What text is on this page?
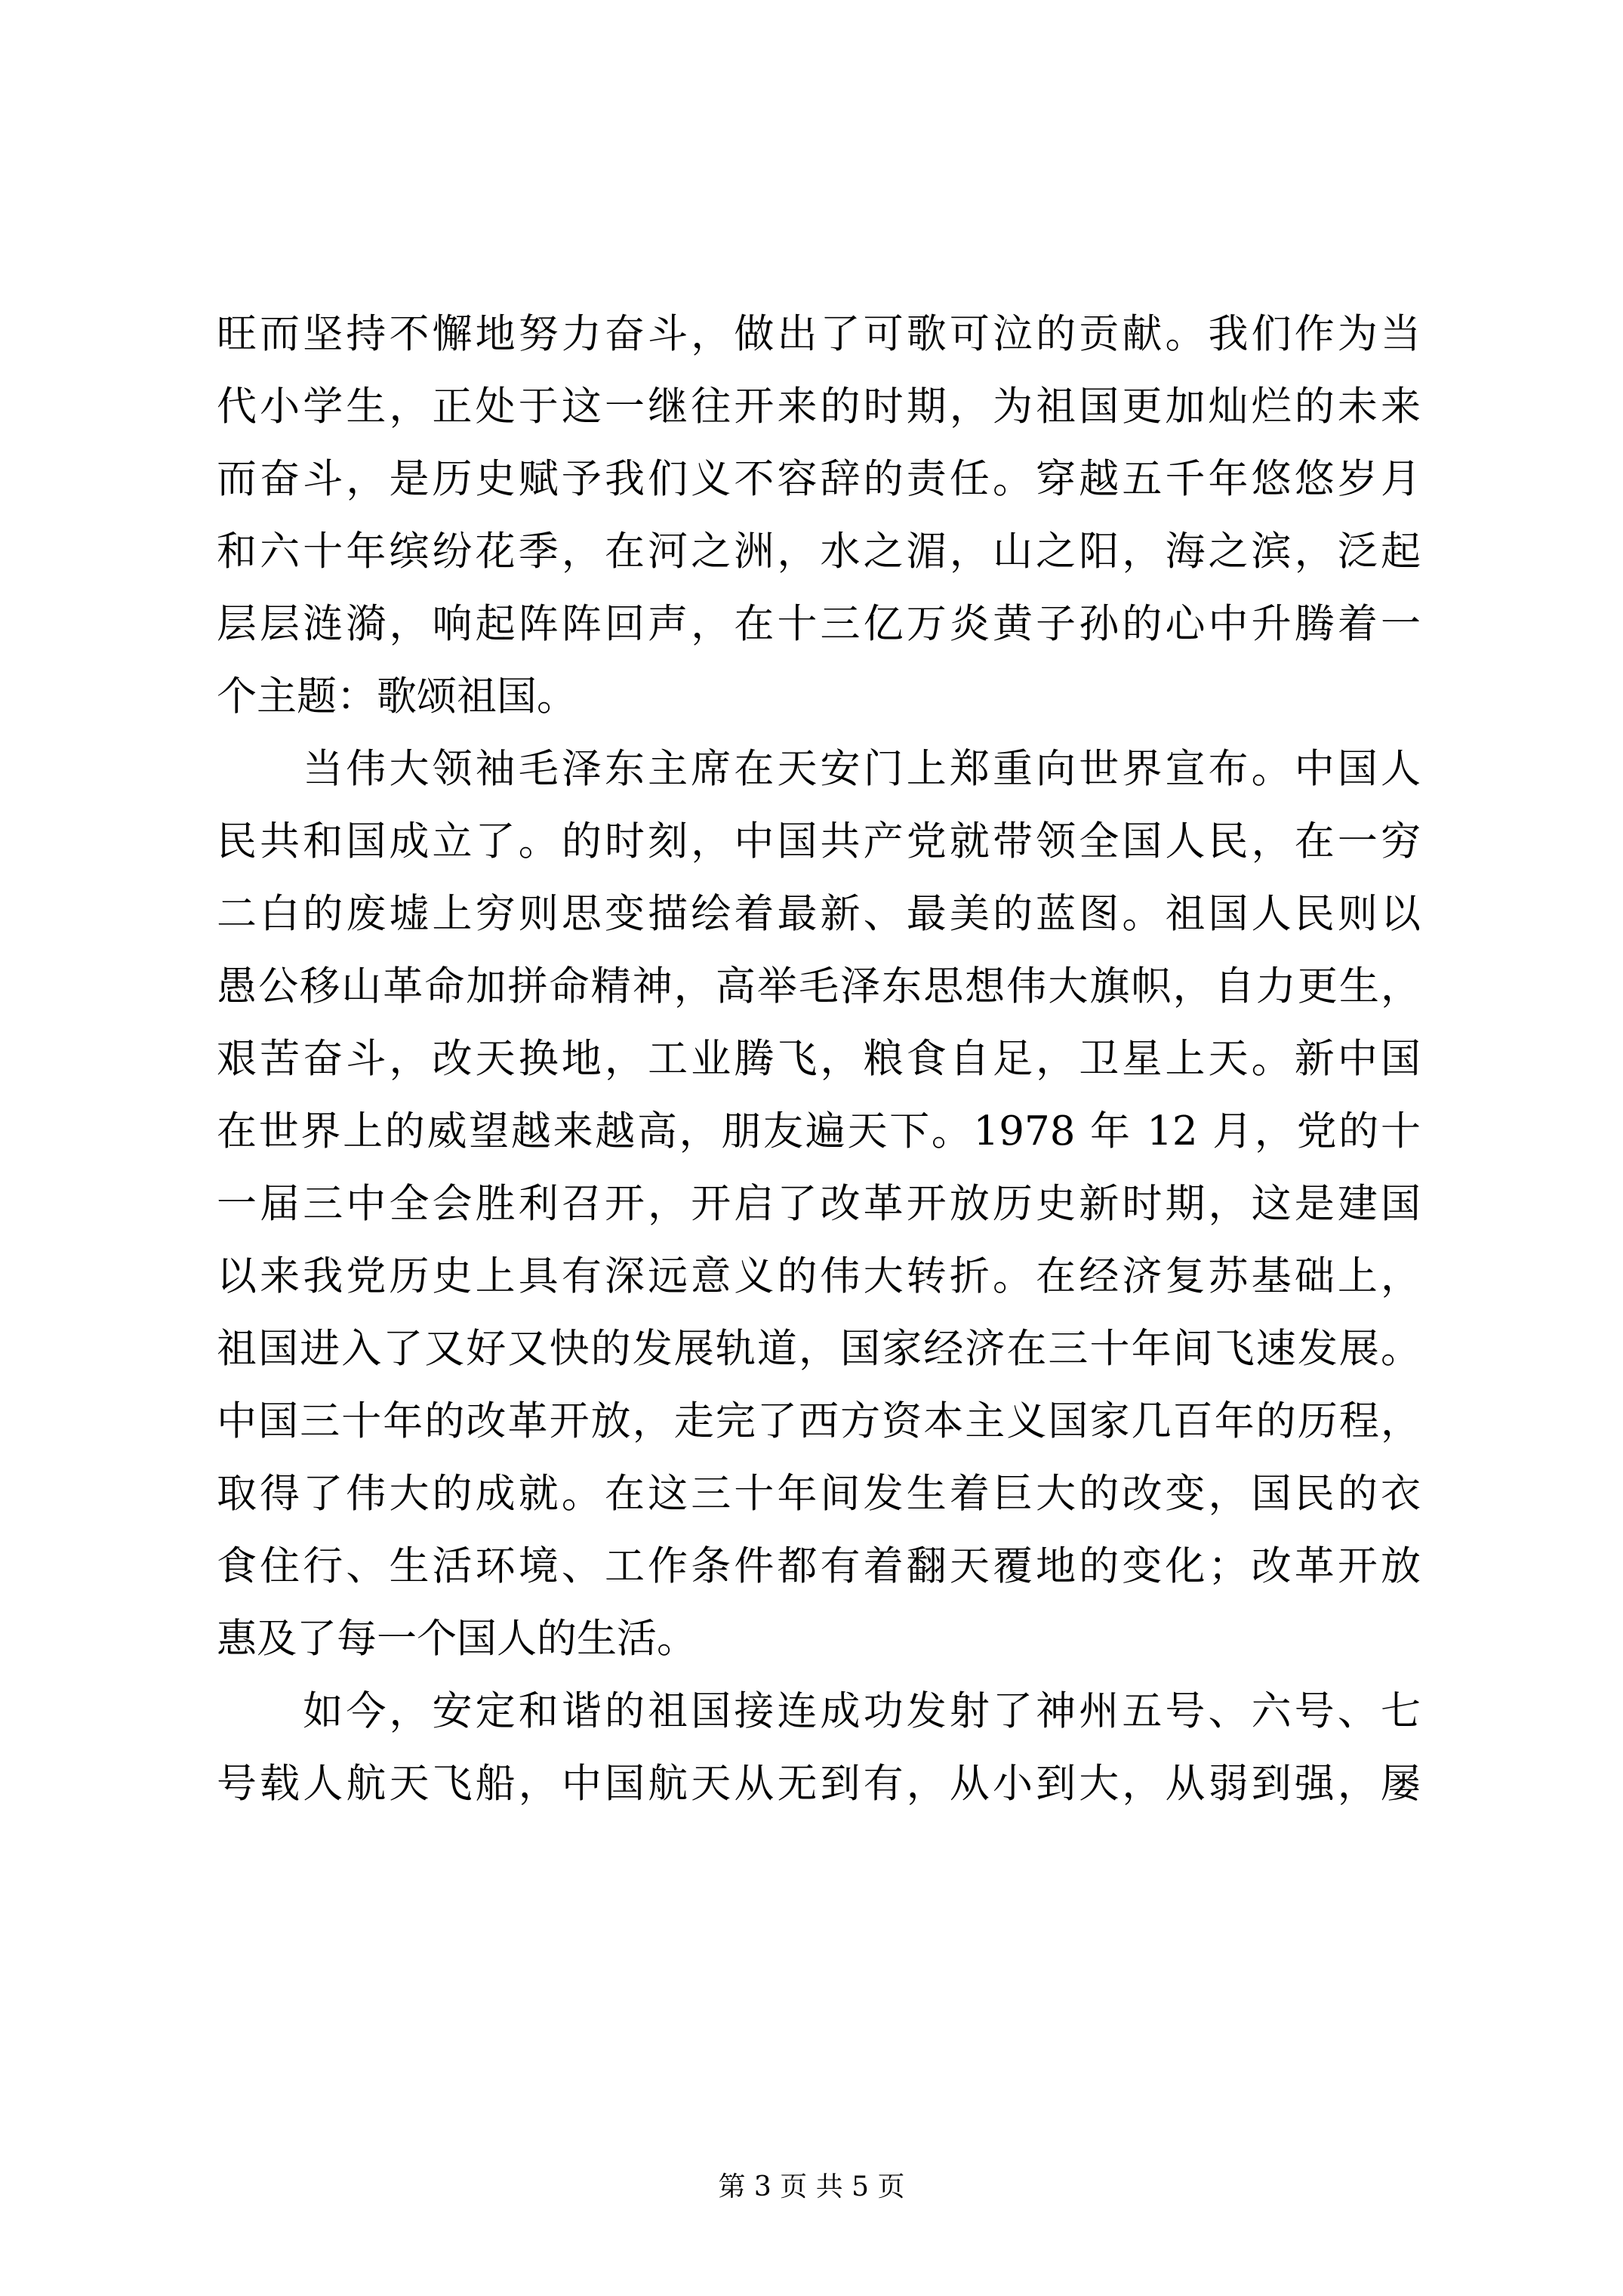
旺而坚持不懈地努力奋斗，做出了可歌可泣的贡献。我们作为当
代小学生，正处于这一继往开来的时期，为祖国更加灿烂的未来
而奋斗，是历史赋予我们义不容辞的责任。穿越五千年悠悠岁月
和六十年缤纷花季，在河之洲，水之湄，山之阳，海之滨，泛起
层层涟漪，响起阵阵回声，在十三亿万炎黄子孙的心中升腾着一
个主题：歌颂祖国。
　　当伟大领袖毛泽东主席在天安门上郑重向世界宣布。中国人
民共和国成立了。的时刻，中国共产党就带领全国人民，在一穷
二白的废墟上穷则思变描绘着最新、最美的蓝图。祖国人民则以
愚公移山革命加拼命精神，高举毛泽东思想伟大旗帜，自力更生，
艰苦奋斗，改天换地，工业腾飞，粮食自足，卫星上天。新中国
在世界上的威望越来越高，朋友遍天下。1978 年 12 月，党的十
一届三中全会胜利召开，开启了改革开放历史新时期，这是建国
以来我党历史上具有深远意义的伟大转折。在经济复苏基础上，
祖国进入了又好又快的发展轨道，国家经济在三十年间飞速发展。
中国三十年的改革开放，走完了西方资本主义国家几百年的历程，
取得了伟大的成就。在这三十年间发生着巨大的改变，国民的衣
食住行、生活环境、工作条件都有着翻天覆地的变化；改革开放
惠及了每一个国人的生活。
　　如今，安定和谐的祖国接连成功发射了神州五号、六号、七
号载人航天飞船，中国航天从无到有，从小到大，从弱到强，屡
第 3 页 共 5 页
